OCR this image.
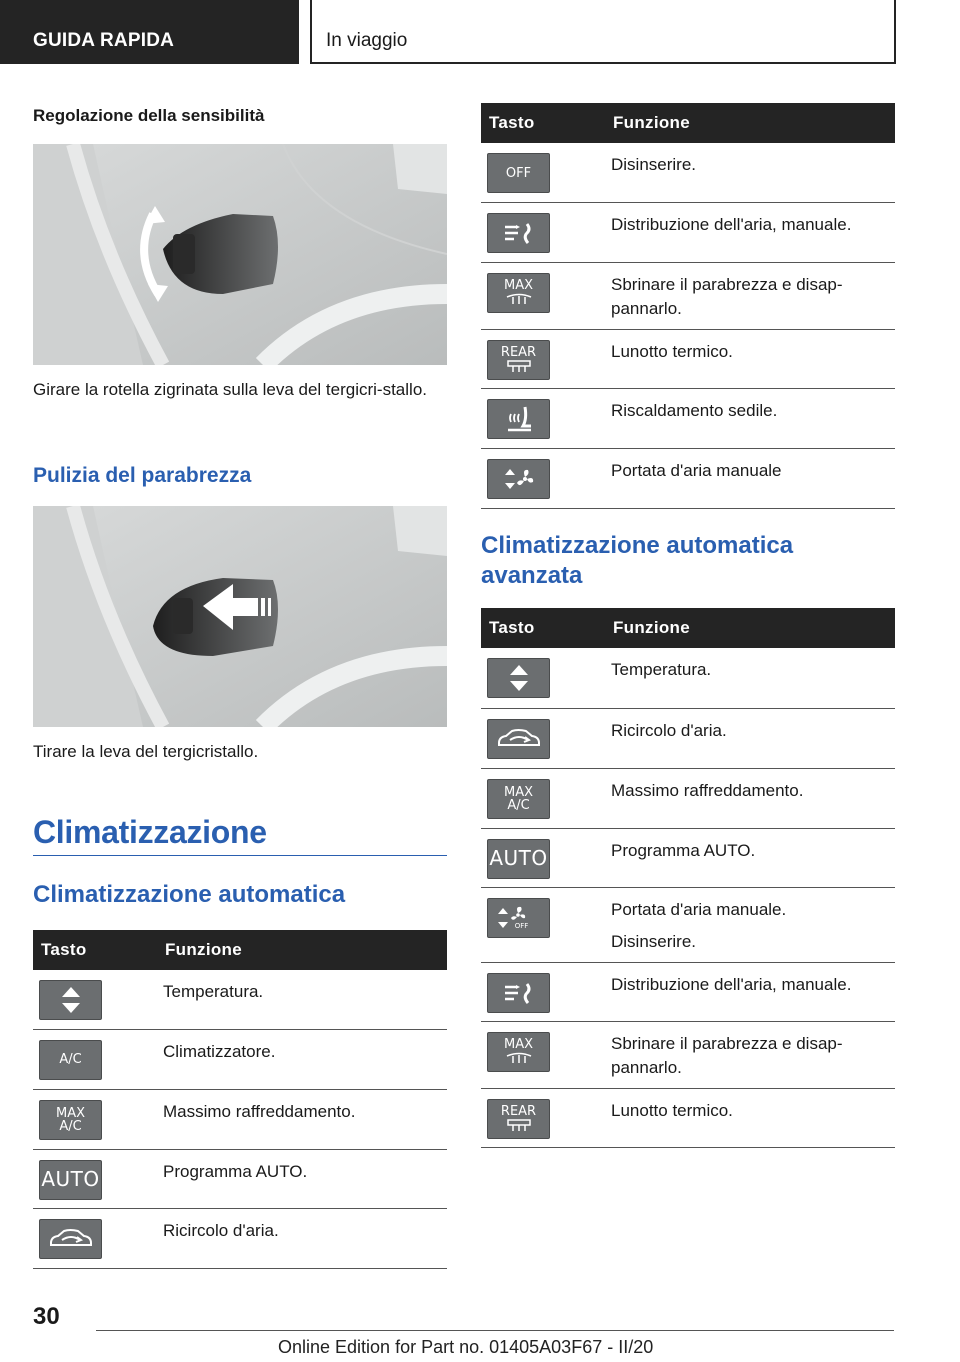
GUIDA RAPIDA	In viaggio
Regolazione della sensibilità
Girare la rotella zigrinata sulla leva del tergicri-stallo.
Pulizia del parabrezza
Tirare la leva del tergicristallo.
Climatizzazione
Climatizzazione automatica
Tasto	Funzione

Temperatura.

A/C	Climatizzatore.

MAX
A/C	Massimo raffreddamento.

AUTO	Programma AUTO.

Ricircolo d'aria.

Tasto	Funzione

OFF	Disinserire.

Distribuzione dell'aria, manuale.

MAX	Sbrinare il parabrezza e disap-pannarlo.

REAR	Lunotto termico.

Riscaldamento sedile.

Portata d'aria manuale

Climatizzazione automatica
avanzata
Tasto	Funzione

Temperatura.

Ricircolo d'aria.

MAX
A/C	Massimo raffreddamento.

AUTO	Programma AUTO.

OFF	Portata d'aria manuale.

Disinserire.

Distribuzione dell'aria, manuale.

MAX	Sbrinare il parabrezza e disap-pannarlo.

REAR	Lunotto termico.

30
Online Edition for Part no. 01405A03F67 - II/20
